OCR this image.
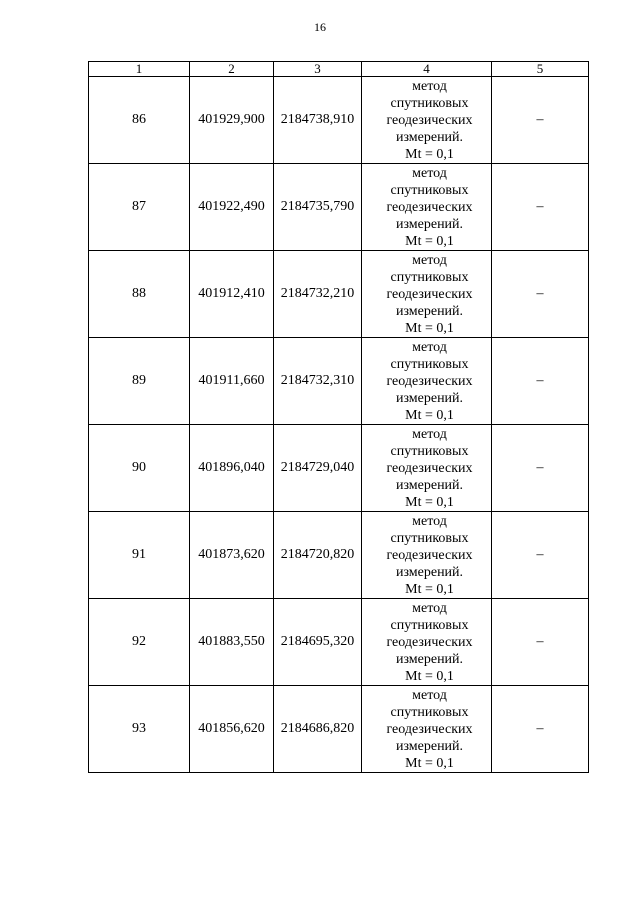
16
1	2	3	4	5
86	401929,900	2184738,910	метод
спутниковых
геодезических
измерений.
Mt = 0,1	–
87	401922,490	2184735,790	метод
спутниковых
геодезических
измерений.
Mt = 0,1	–
88	401912,410	2184732,210	метод
спутниковых
геодезических
измерений.
Mt = 0,1	–
89	401911,660	2184732,310	метод
спутниковых
геодезических
измерений.
Mt = 0,1	–
90	401896,040	2184729,040	метод
спутниковых
геодезических
измерений.
Mt = 0,1	–
91	401873,620	2184720,820	метод
спутниковых
геодезических
измерений.
Mt = 0,1	–
92	401883,550	2184695,320	метод
спутниковых
геодезических
измерений.
Mt = 0,1	–
93	401856,620	2184686,820	метод
спутниковых
геодезических
измерений.
Mt = 0,1	–
